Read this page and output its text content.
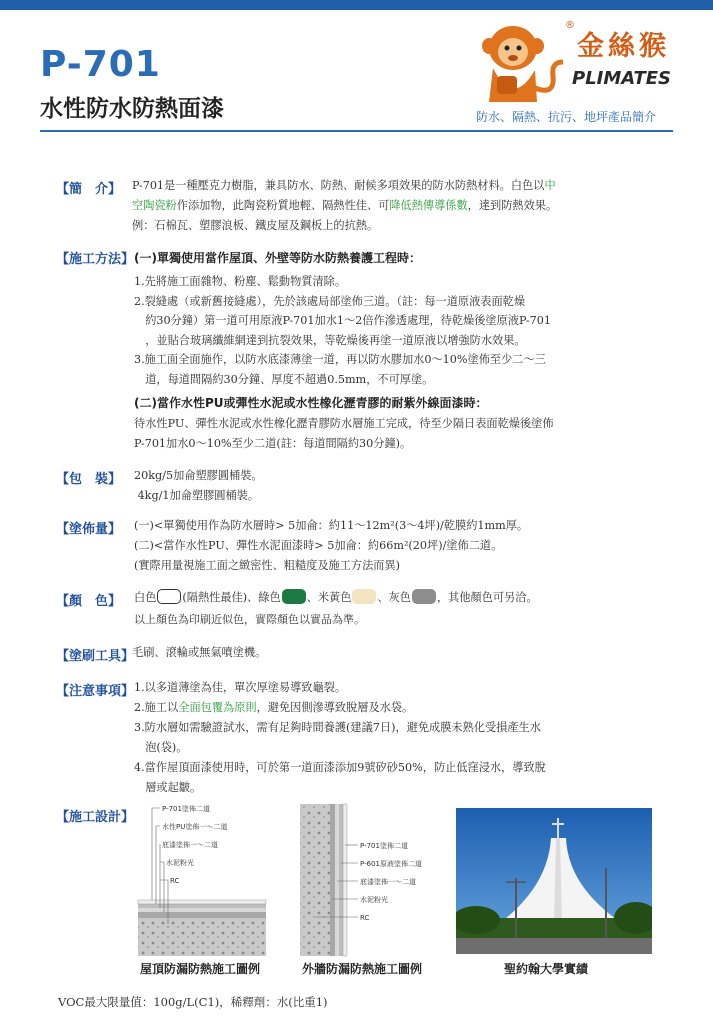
P-701
水性防水防熱面漆
®
金絲猴
PLIMATES
防水、隔熱、抗污、地坪產品簡介
【簡　介】 P-701是一種壓克力樹脂，兼具防水、防熱、耐候多項效果的防水防熱材料。白色以中
空陶瓷粉作添加物，此陶瓷粉質地輕、隔熱性佳、可降低熱傳導係數，達到防熱效果。
例：石棉瓦、塑膠浪板、鐵皮屋及鋼板上的抗熱。
【施工方法】 (一)單獨使用當作屋頂、外壁等防水防熱養護工程時：
1.先將施工面雜物、粉塵、鬆動物質清除。
2.裂縫處（或新舊接縫處），先於該處局部塗佈三道。（註：每一道原液表面乾燥
　約30分鐘）第一道可用原液P-701加水1～2倍作滲透處理，待乾燥後塗原液P-701
　，並貼合玻璃纖維網達到抗裂效果，等乾燥後再塗一道原液以增強防水效果。
3.施工面全面施作，以防水底漆薄塗一道，再以防水膠加水0～10%塗佈至少二～三
　道，每道間隔約30分鐘、厚度不超過0.5mm，不可厚塗。
(二)當作水性PU或彈性水泥或水性橡化瀝青膠的耐紫外線面漆時：
待水性PU、彈性水泥或水性橡化瀝青膠防水層施工完成，待至少隔日表面乾燥後塗佈
P-701加水0～10%至少二道(註：每道間隔約30分鐘)。
【包　裝】 20kg/5加侖塑膠圓桶裝。
4kg/1加侖塑膠圓桶裝。
【塗佈量】 (一)<單獨使用作為防水層時> 5加侖：約11～12m²(3～4坪)/乾膜約1mm厚。
(二)<當作水性PU、彈性水泥面漆時> 5加侖：約66m²(20坪)/塗佈二道。
(實際用量視施工面之緻密性、粗糙度及施工方法而異)
【顏　色】 白色 (隔熱性最佳)、綠色 、米黃色 、灰色 ，其他顏色可另洽。
以上顏色為印刷近似色，實際顏色以實品為準。
【塗刷工具】
毛刷、滾輪或無氣噴塗機。
【注意事項】 1.以多道薄塗為佳，單次厚塗易導致龜裂。
2.施工以全面包覆為原則，避免因側滲導致脫層及水袋。
3.防水層如需驗證試水，需有足夠時間養護(建議7日)，避免成膜未熟化受損產生水
　泡(袋)。
4.當作屋頂面漆使用時，可於第一道面漆添加9號矽砂50%，防止低窪浸水，導致脫
　層或起皺。
【施工設計】
P-701塗佈二道
水性PU塗佈一～二道
底漆塗佈一～二道
水泥粉光
RC
屋頂防漏防熱施工圖例
P-701塗佈二道
P-601原液塗佈二道
底漆塗佈一～二道
水泥粉光
RC
外牆防漏防熱施工圖例	聖約翰大學實績
VOC最大限量值：100g/L(C1)，稀釋劑：水(比重1)
